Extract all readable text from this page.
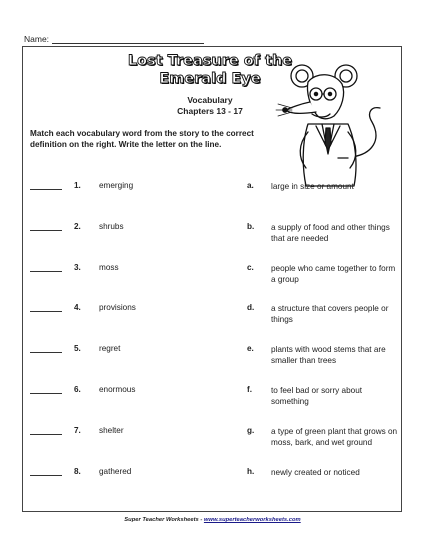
Name:
Lost Treasure of the
Emerald Eye
Vocabulary
Chapters 13 - 17
Match each vocabulary word from the story to the correct definition on the right. Write the letter on the line.
1. emerging	a. large in size or amount
2. shrubs	b. a supply of food and other things that are needed
3. moss	c. people who came together to form a group
4. provisions	d. a structure that covers people or things
5. regret	e. plants with wood stems that are smaller than trees
6. enormous	f. to feel bad or sorry about something
7. shelter	g. a type of green plant that grows on moss, bark, and wet ground
8. gathered	h. newly created or noticed
Super Teacher Worksheets - www.superteacherworksheets.com
